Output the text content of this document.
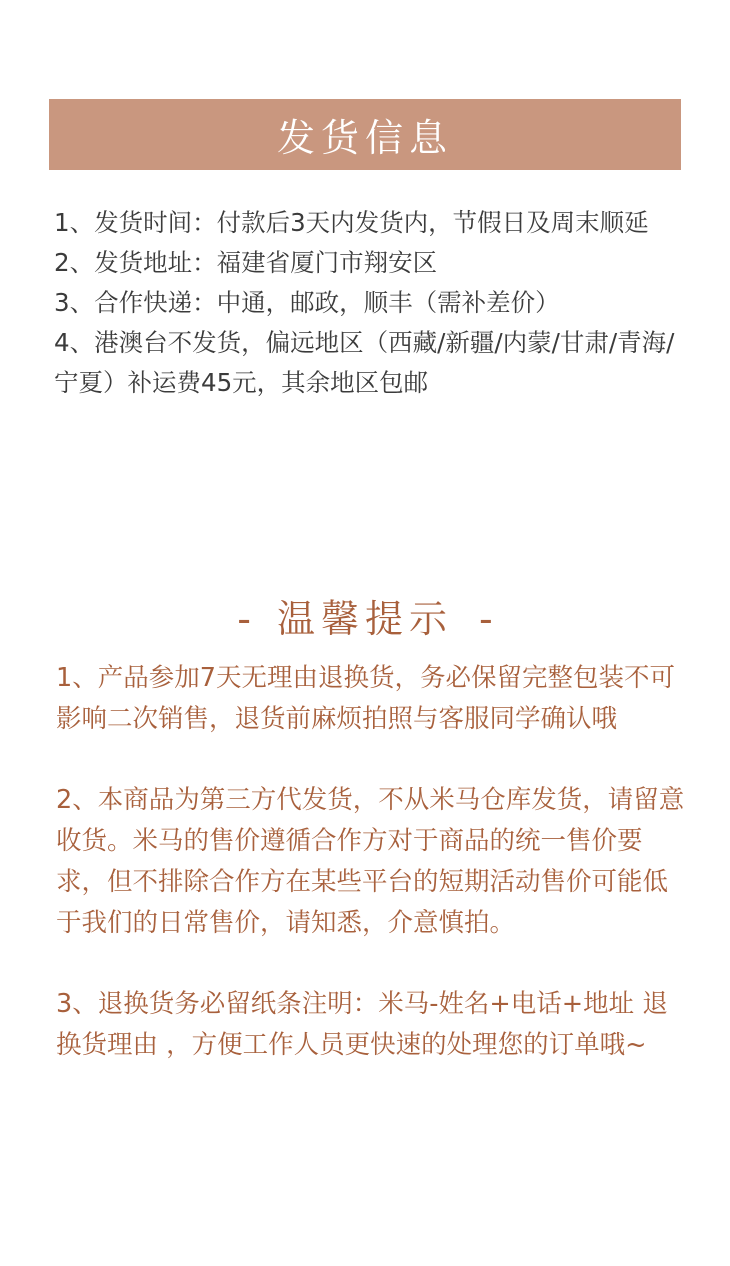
发货信息

1、发货时间：付款后3天内发货内，节假日及周末顺延

2、发货地址：福建省厦门市翔安区

3、合作快递：中通，邮政，顺丰（需补差价）

4、港澳台不发货，偏远地区（西藏/新疆/内蒙/甘肃/青海/宁夏）补运费45元，其余地区包邮

- 温馨提示 -

1、产品参加7天无理由退换货，务必保留完整包装不可影响二次销售，退货前麻烦拍照与客服同学确认哦

2、本商品为第三方代发货，不从米马仓库发货，请留意收货。米马的售价遵循合作方对于商品的统一售价要求，但不排除合作方在某些平台的短期活动售价可能低于我们的日常售价，请知悉，介意慎拍。

3、退换货务必留纸条注明：米马-姓名+电话+地址 退换货理由 ，方便工作人员更快速的处理您的订单哦~
